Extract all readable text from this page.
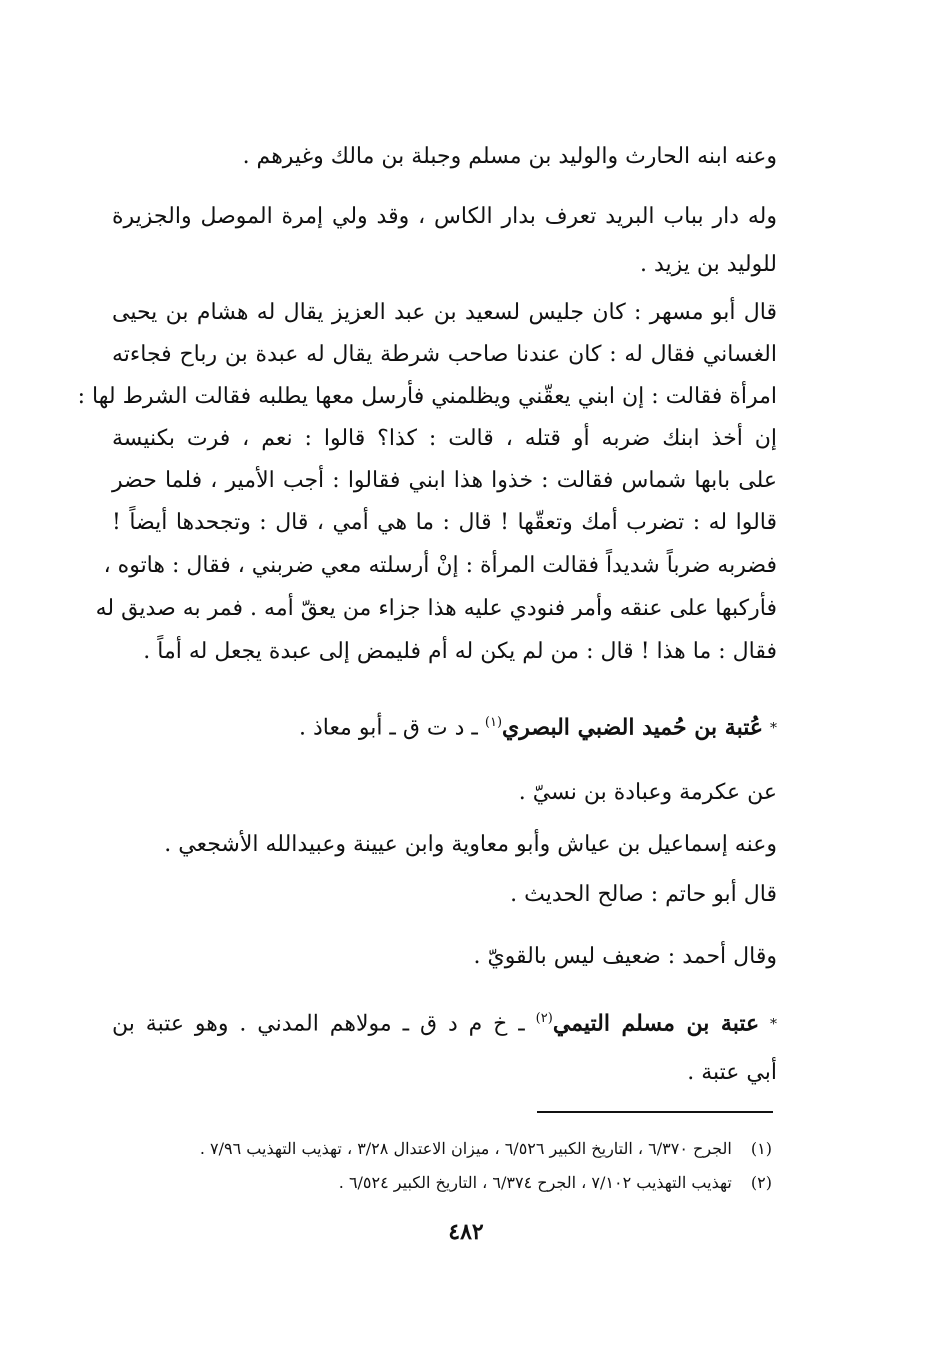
وعنه ابنه الحارث والوليد بن مسلم وجبلة بن مالك وغيرهم .
وله دار بباب البريد تعرف بدار الكاس ، وقد ولي إمرة الموصل والجزيرة
للوليد بن يزيد .
قال أبو مسهر : كان جليس لسعيد بن عبد العزيز يقال له هشام بن يحيى
الغساني فقال له : كان عندنا صاحب شرطة يقال له عبدة بن رباح فجاءته
امرأة فقالت : إن ابني يعقّني ويظلمني فأرسل معها يطلبه فقالت الشرط لها :
إن أخذ ابنك ضربه أو قتله ، قالت : كذا؟ قالوا : نعم ، فرت بكنيسة
على بابها شماس فقالت : خذوا هذا ابني فقالوا : أجب الأمير ، فلما حضر
قالوا له : تضرب أمك وتعقّها ! قال : ما هي أمي ، قال : وتجحدها أيضاً !
فضربه ضرباً شديداً فقالت المرأة : إنْ أرسلته معي ضربني ، فقال : هاتوه ،
فأركبها على عنقه وأمر فنودي عليه هذا جزاء من يعقّ أمه . فمر به صديق له
فقال : ما هذا ! قال : من لم يكن له أم فليمض إلى عبدة يجعل له أماً .
* عُتبة بن حُميد الضبي البصري$^{(١)}$ ـ د ت ق ـ أبو معاذ .
عن عكرمة وعبادة بن نسيّ .
وعنه إسماعيل بن عياش وأبو معاوية وابن عيينة وعبيدالله الأشجعي .
قال أبو حاتم : صالح الحديث .
وقال أحمد : ضعيف ليس بالقويّ .
* عتبة بن مسلم التيمي$^{(٢)}$ ـ خ م د ق ـ مولاهم المدني . وهو عتبة بن
أبي عتبة .
(١) الجرح ٦/٣٧٠ ، التاريخ الكبير ٦/٥٢٦ ، ميزان الاعتدال ٣/٢٨ ، تهذيب التهذيب ٧/٩٦ .
(٢) تهذيب التهذيب ٧/١٠٢ ، الجرح ٦/٣٧٤ ، التاريخ الكبير ٦/٥٢٤ .
٤٨٢
